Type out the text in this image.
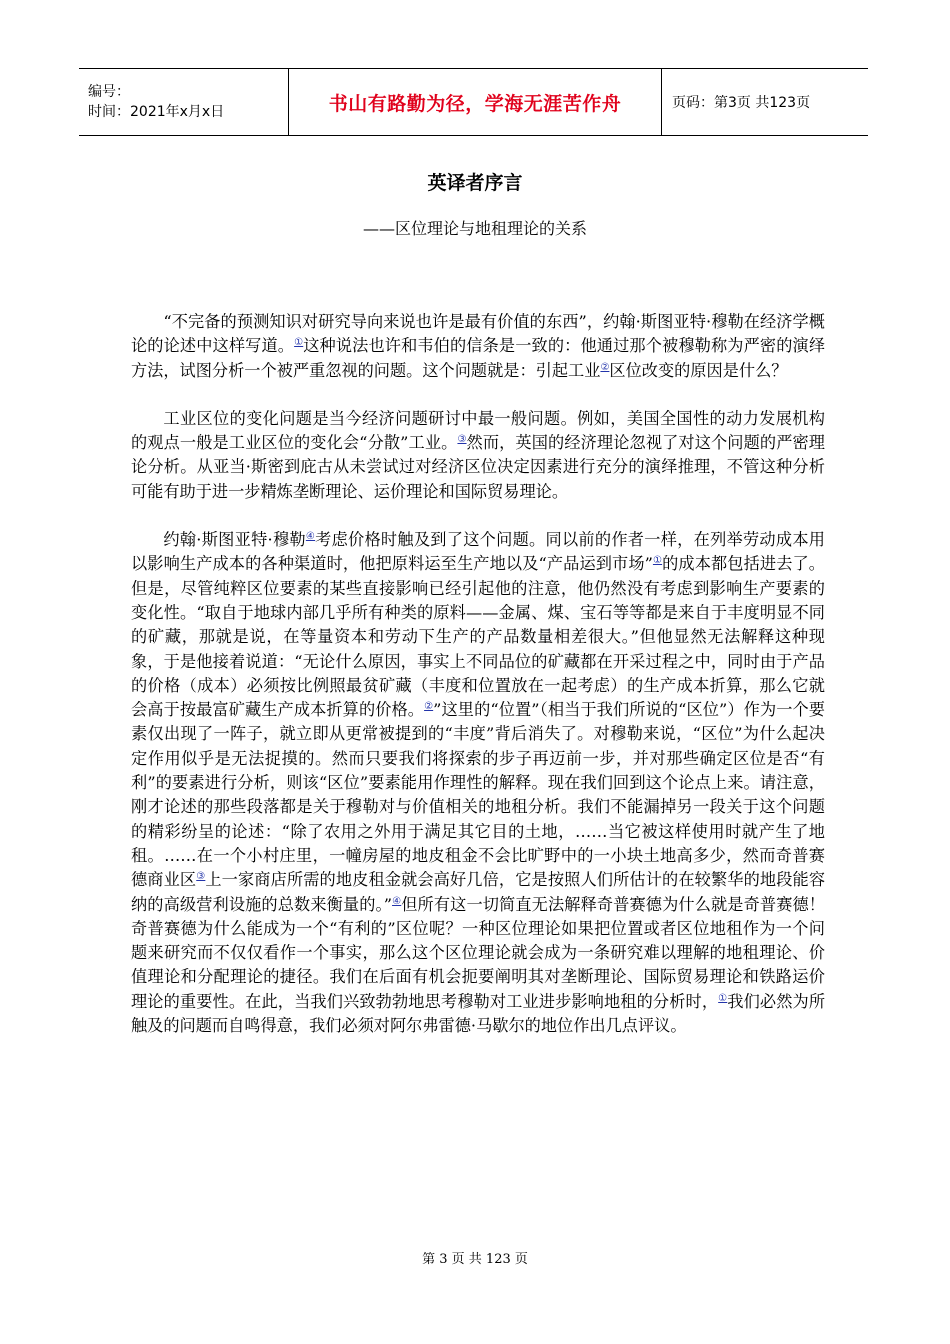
编号：
时间：2021年x月x日	书山有路勤为径，学海无涯苦作舟	页码：第3页 共123页
英译者序言
——区位理论与地租理论的关系

“不完备的预测知识对研究导向来说也许是最有价值的东西”，约翰·斯图亚特·穆勒在经济学概论的论述中这样写道。①这种说法也许和韦伯的信条是一致的：他通过那个被穆勒称为严密的演绎方法，试图分析一个被严重忽视的问题。这个问题就是：引起工业②区位改变的原因是什么？

工业区位的变化问题是当今经济问题研讨中最一般问题。例如，美国全国性的动力发展机构的观点一般是工业区位的变化会“分散”工业。③然而，英国的经济理论忽视了对这个问题的严密理论分析。从亚当·斯密到庇古从未尝试过对经济区位决定因素进行充分的演绎推理，不管这种分析可能有助于进一步精炼垄断理论、运价理论和国际贸易理论。

约翰·斯图亚特·穆勒④考虑价格时触及到了这个问题。同以前的作者一样，在列举劳动成本用以影响生产成本的各种渠道时，他把原料运至生产地以及“产品运到市场”①的成本都包括进去了。但是，尽管纯粹区位要素的某些直接影响已经引起他的注意，他仍然没有考虑到影响生产要素的变化性。“取自于地球内部几乎所有种类的原料——金属、煤、宝石等等都是来自于丰度明显不同的矿藏，那就是说，在等量资本和劳动下生产的产品数量相差很大。”但他显然无法解释这种现象，于是他接着说道：“无论什么原因，事实上不同品位的矿藏都在开采过程之中，同时由于产品的价格（成本）必须按比例照最贫矿藏（丰度和位置放在一起考虑）的生产成本折算，那么它就会高于按最富矿藏生产成本折算的价格。②”这里的“位置”（相当于我们所说的“区位”）作为一个要素仅出现了一阵子，就立即从更常被提到的“丰度”背后消失了。对穆勒来说，“区位”为什么起决定作用似乎是无法捉摸的。然而只要我们将探索的步子再迈前一步，并对那些确定区位是否“有利”的要素进行分析，则该“区位”要素能用作理性的解释。现在我们回到这个论点上来。请注意，刚才论述的那些段落都是关于穆勒对与价值相关的地租分析。我们不能漏掉另一段关于这个问题的精彩纷呈的论述：“除了农用之外用于满足其它目的土地，……当它被这样使用时就产生了地租。……在一个小村庄里，一幢房屋的地皮租金不会比旷野中的一小块土地高多少，然而奇普赛德商业区③上一家商店所需的地皮租金就会高好几倍，它是按照人们所估计的在较繁华的地段能容纳的高级营利设施的总数来衡量的。”④但所有这一切简直无法解释奇普赛德为什么就是奇普赛德！奇普赛德为什么能成为一个“有利的”区位呢？一种区位理论如果把位置或者区位地租作为一个问题来研究而不仅仅看作一个事实，那么这个区位理论就会成为一条研究难以理解的地租理论、价值理论和分配理论的捷径。我们在后面有机会扼要阐明其对垄断理论、国际贸易理论和铁路运价理论的重要性。在此，当我们兴致勃勃地思考穆勒对工业进步影响地租的分析时，①我们必然为所触及的问题而自鸣得意，我们必须对阿尔弗雷德·马歇尔的地位作出几点评议。

第 3 页 共 123 页
